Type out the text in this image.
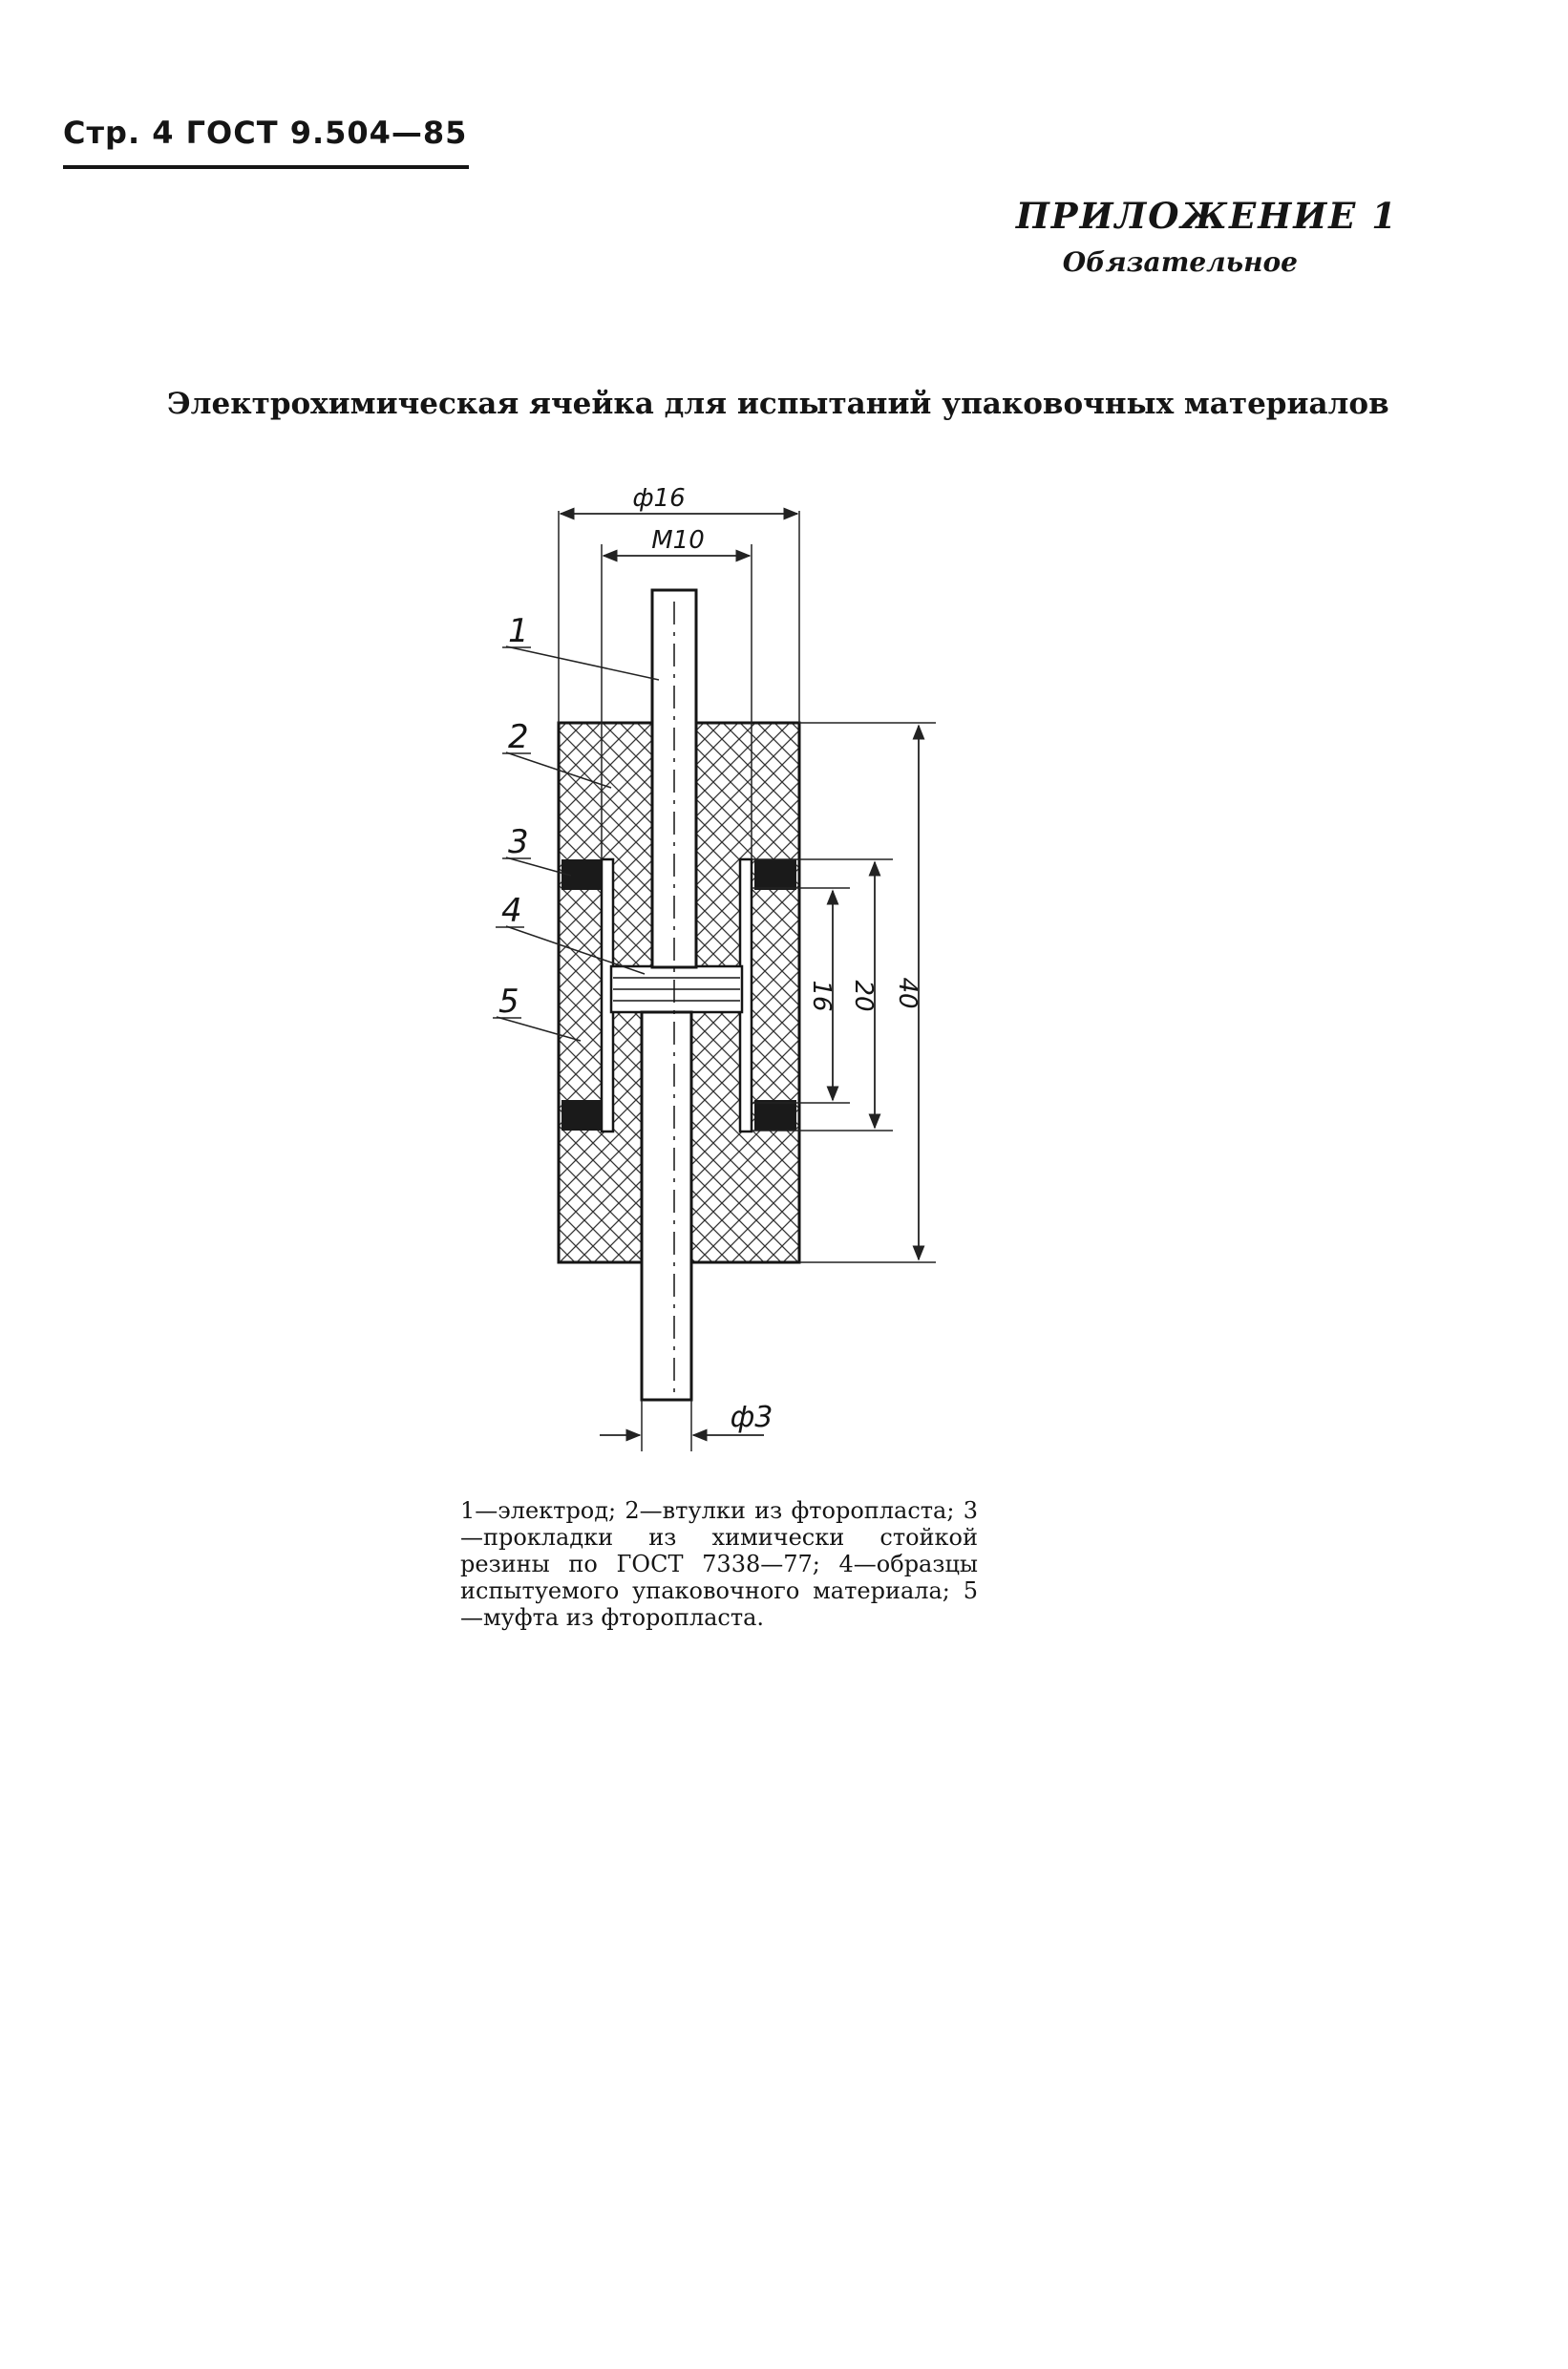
Стр. 4 ГОСТ 9.504—85
ПРИЛОЖЕНИЕ 1
Обязательное
Электрохимическая ячейка для испытаний упаковочных материалов
ф16
М10
ф3
16 20 40
1
2
3
4
5
1—электрод; 2—втулки из фторопласта; 3—прокладки из химически стойкой резины по ГОСТ 7338—77; 4—образцы испытуемого упаковочного материала; 5—муфта из фторопласта.
